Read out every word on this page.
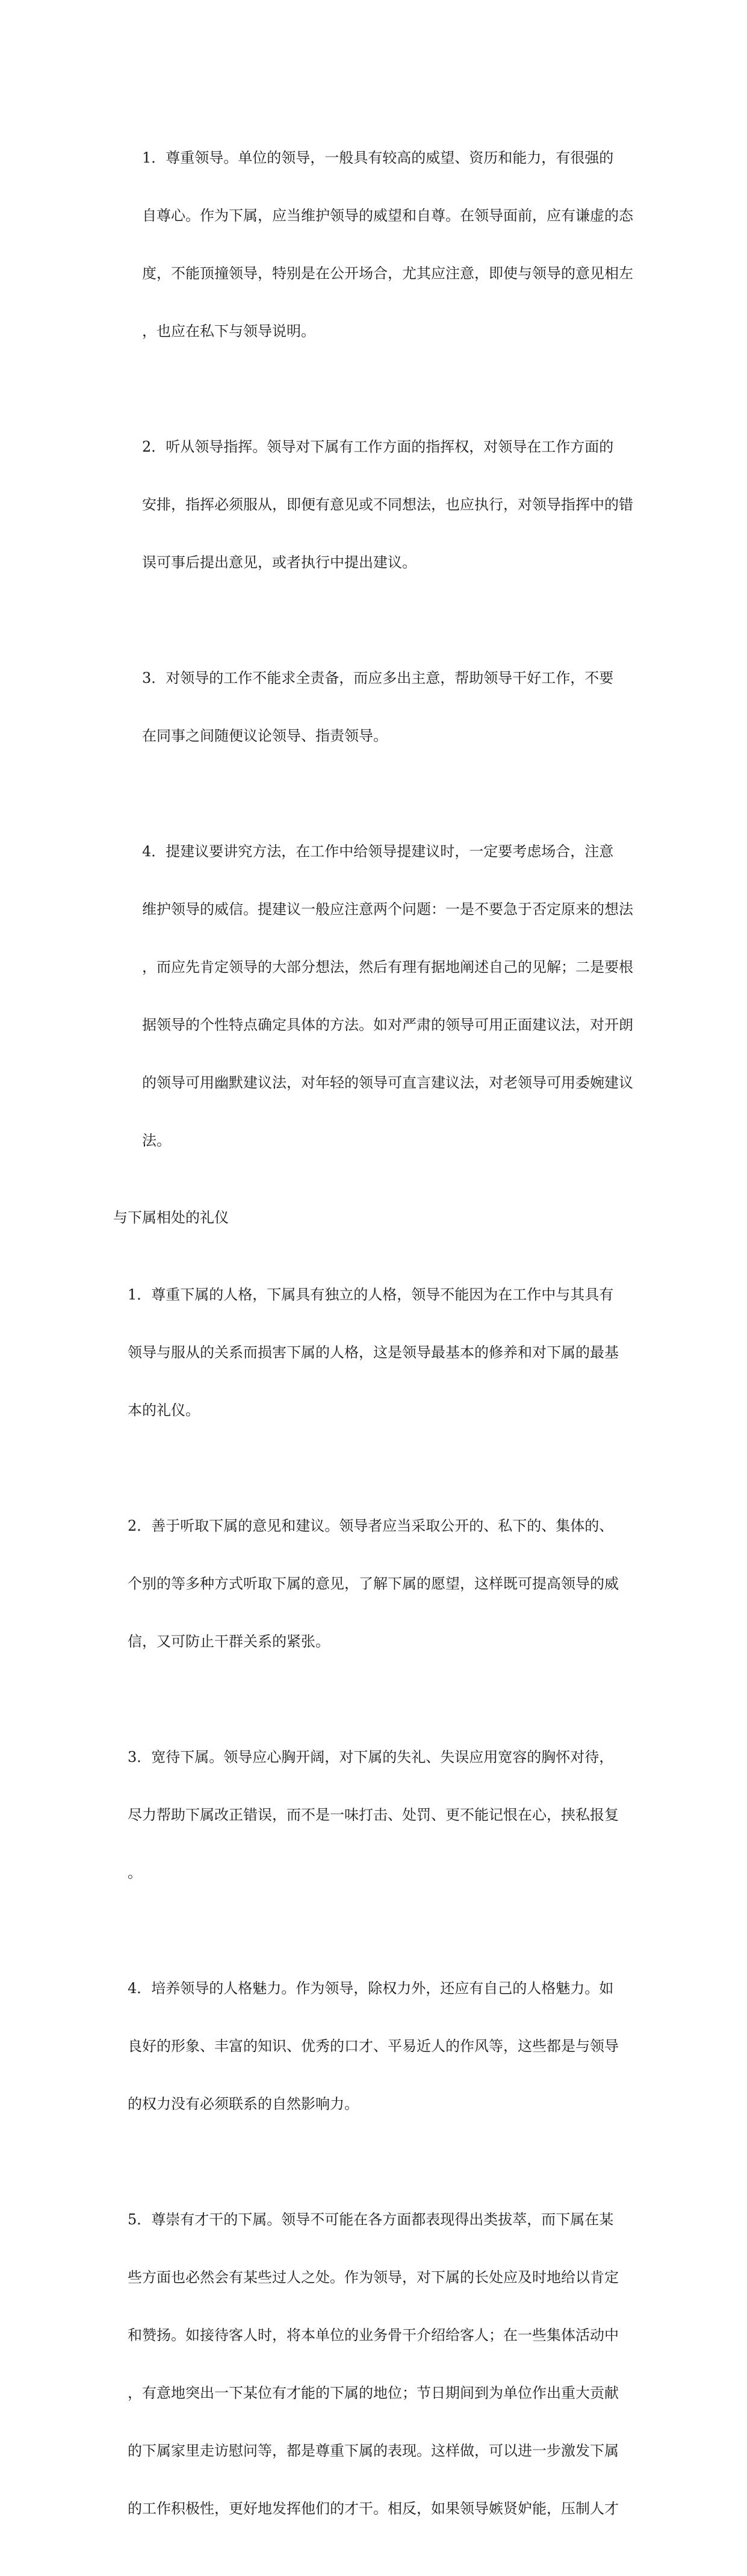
1．尊重领导。单位的领导，一般具有较高的威望、资历和能力，有很强的

自尊心。作为下属，应当维护领导的威望和自尊。在领导面前，应有谦虚的态

度，不能顶撞领导，特别是在公开场合，尤其应注意，即使与领导的意见相左

，也应在私下与领导说明。

2．听从领导指挥。领导对下属有工作方面的指挥权，对领导在工作方面的

安排，指挥必须服从，即便有意见或不同想法，也应执行，对领导指挥中的错

误可事后提出意见，或者执行中提出建议。

3．对领导的工作不能求全责备，而应多出主意，帮助领导干好工作，不要

在同事之间随便议论领导、指责领导。

4．提建议要讲究方法，在工作中给领导提建议时，一定要考虑场合，注意

维护领导的威信。提建议一般应注意两个问题：一是不要急于否定原来的想法

，而应先肯定领导的大部分想法，然后有理有据地阐述自己的见解；二是要根

据领导的个性特点确定具体的方法。如对严肃的领导可用正面建议法，对开朗

的领导可用幽默建议法，对年轻的领导可直言建议法，对老领导可用委婉建议

法。

与下属相处的礼仪

1．尊重下属的人格，下属具有独立的人格，领导不能因为在工作中与其具有

领导与服从的关系而损害下属的人格，这是领导最基本的修养和对下属的最基

本的礼仪。

2．善于听取下属的意见和建议。领导者应当采取公开的、私下的、集体的、

个别的等多种方式听取下属的意见，了解下属的愿望，这样既可提高领导的威

信，又可防止干群关系的紧张。

3．宽待下属。领导应心胸开阔，对下属的失礼、失误应用宽容的胸怀对待，

尽力帮助下属改正错误，而不是一味打击、处罚、更不能记恨在心，挟私报复

。

4．培养领导的人格魅力。作为领导，除权力外，还应有自己的人格魅力。如

良好的形象、丰富的知识、优秀的口才、平易近人的作风等，这些都是与领导

的权力没有必须联系的自然影响力。

5．尊崇有才干的下属。领导不可能在各方面都表现得出类拔萃，而下属在某

些方面也必然会有某些过人之处。作为领导，对下属的长处应及时地给以肯定

和赞扬。如接待客人时，将本单位的业务骨干介绍给客人；在一些集体活动中

，有意地突出一下某位有才能的下属的地位；节日期间到为单位作出重大贡献

的下属家里走访慰问等，都是尊重下属的表现。这样做，可以进一步激发下属

的工作积极性，更好地发挥他们的才干。相反，如果领导嫉贤妒能，压制人才
